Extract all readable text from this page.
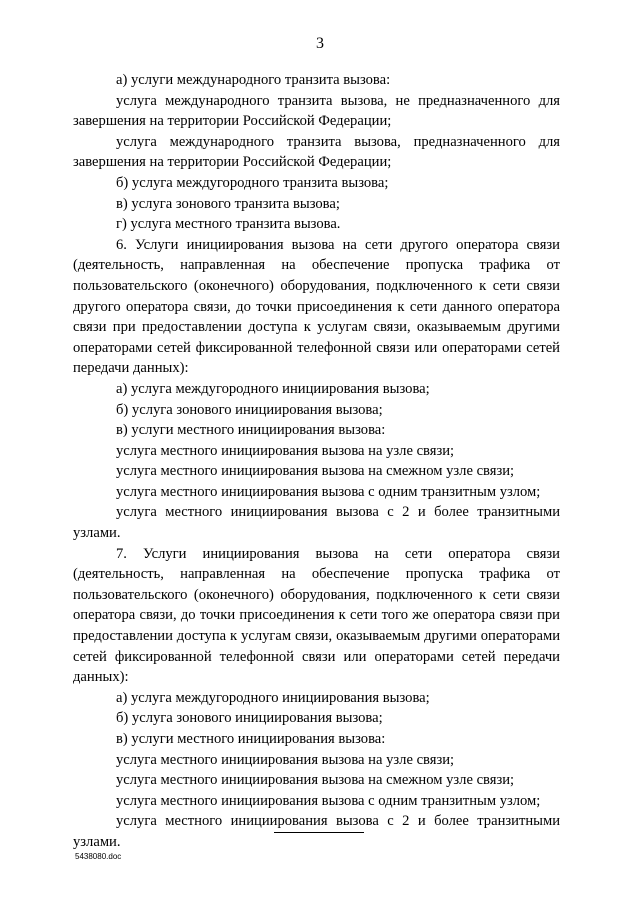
3

а) услуги международного транзита вызова:

услуга международного транзита вызова, не предназначенного для завершения на территории Российской Федерации;

услуга международного транзита вызова, предназначенного для завершения на территории Российской Федерации;

б) услуга междугородного транзита вызова;

в) услуга зонового транзита вызова;

г) услуга местного транзита вызова.

6. Услуги инициирования вызова на сети другого оператора связи (деятельность, направленная на обеспечение пропуска трафика от пользовательского (оконечного) оборудования, подключенного к сети связи другого оператора связи, до точки присоединения к сети данного оператора связи при предоставлении доступа к услугам связи, оказываемым другими операторами сетей фиксированной телефонной связи или операторами сетей передачи данных):

а) услуга междугородного инициирования вызова;

б) услуга зонового инициирования вызова;

в) услуги местного инициирования вызова:

услуга местного инициирования вызова на узле связи;

услуга местного инициирования вызова на смежном узле связи;

услуга местного инициирования вызова с одним транзитным узлом;

услуга местного инициирования вызова с 2 и более транзитными узлами.

7. Услуги инициирования вызова на сети оператора связи (деятельность, направленная на обеспечение пропуска трафика от пользовательского (оконечного) оборудования, подключенного к сети связи оператора связи, до точки присоединения к сети того же оператора связи при предоставлении доступа к услугам связи, оказываемым другими операторами сетей фиксированной телефонной связи или операторами сетей передачи данных):

а) услуга междугородного инициирования вызова;

б) услуга зонового инициирования вызова;

в) услуги местного инициирования вызова:

услуга местного инициирования вызова на узле связи;

услуга местного инициирования вызова на смежном узле связи;

услуга местного инициирования вызова с одним транзитным узлом;

услуга местного инициирования вызова с 2 и более транзитными узлами.

5438080.doc
